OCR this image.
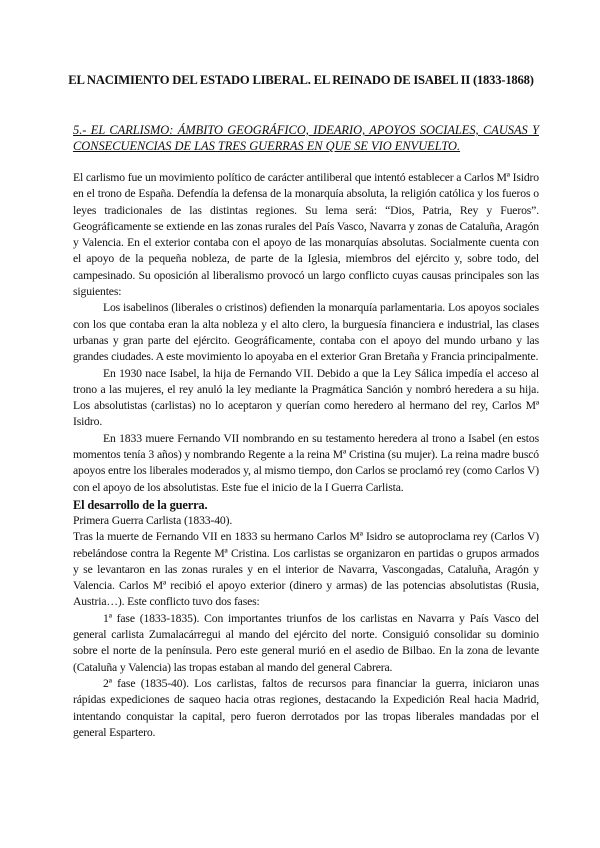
EL NACIMIENTO DEL ESTADO LIBERAL. EL REINADO DE ISABEL II (1833-1868)
5.- EL CARLISMO: ÁMBITO GEOGRÁFICO, IDEARIO, APOYOS SOCIALES, CAUSAS Y CONSECUENCIAS DE LAS TRES GUERRAS EN QUE SE VIO ENVUELTO.

El carlismo fue un movimiento político de carácter antiliberal que intentó establecer a Carlos Mª Isidro en el trono de España. Defendía la defensa de la monarquía absoluta, la religión católica y los fueros o leyes tradicionales de las distintas regiones. Su lema será: “Dios, Patria, Rey y Fueros”. Geográficamente se extiende en las zonas rurales del País Vasco, Navarra y zonas de Cataluña, Aragón y Valencia. En el exterior contaba con el apoyo de las monarquías absolutas. Socialmente cuenta con el apoyo de la pequeña nobleza, de parte de la Iglesia, miembros del ejército y, sobre todo, del campesinado. Su oposición al liberalismo provocó un largo conflicto cuyas causas principales son las siguientes:

Los isabelinos (liberales o cristinos) defienden la monarquía parlamentaria. Los apoyos sociales con los que contaba eran la alta nobleza y el alto clero, la burguesía financiera e industrial, las clases urbanas y gran parte del ejército. Geográficamente, contaba con el apoyo del mundo urbano y las grandes ciudades. A este movimiento lo apoyaba en el exterior Gran Bretaña y Francia principalmente.

En 1930 nace Isabel, la hija de Fernando VII. Debido a que la Ley Sálica impedía el acceso al trono a las mujeres, el rey anuló la ley mediante la Pragmática Sanción y nombró heredera a su hija. Los absolutistas (carlistas) no lo aceptaron y querían como heredero al hermano del rey, Carlos Mª Isidro.

En 1833 muere Fernando VII nombrando en su testamento heredera al trono a Isabel (en estos momentos tenía 3 años) y nombrando Regente a la reina Mª Cristina (su mujer). La reina madre buscó apoyos entre los liberales moderados y, al mismo tiempo, don Carlos se proclamó rey (como Carlos V) con el apoyo de los absolutistas. Este fue el inicio de la I Guerra Carlista.

El desarrollo de la guerra.

Primera Guerra Carlista (1833-40).

Tras la muerte de Fernando VII en 1833 su hermano Carlos Mª Isidro se autoproclama rey (Carlos V) rebelándose contra la Regente Mª Cristina. Los carlistas se organizaron en partidas o grupos armados y se levantaron en las zonas rurales y en el interior de Navarra, Vascongadas, Cataluña, Aragón y Valencia. Carlos Mª recibió el apoyo exterior (dinero y armas) de las potencias absolutistas (Rusia, Austria…). Este conflicto tuvo dos fases:

1ª fase (1833-1835). Con importantes triunfos de los carlistas en Navarra y País Vasco del general carlista Zumalacárregui al mando del ejército del norte. Consiguió consolidar su dominio sobre el norte de la península. Pero este general murió en el asedio de Bilbao. En la zona de levante (Cataluña y Valencia) las tropas estaban al mando del general Cabrera.

2ª fase (1835-40). Los carlistas, faltos de recursos para financiar la guerra, iniciaron unas rápidas expediciones de saqueo hacia otras regiones, destacando la Expedición Real hacia Madrid, intentando conquistar la capital, pero fueron derrotados por las tropas liberales mandadas por el general Espartero.
